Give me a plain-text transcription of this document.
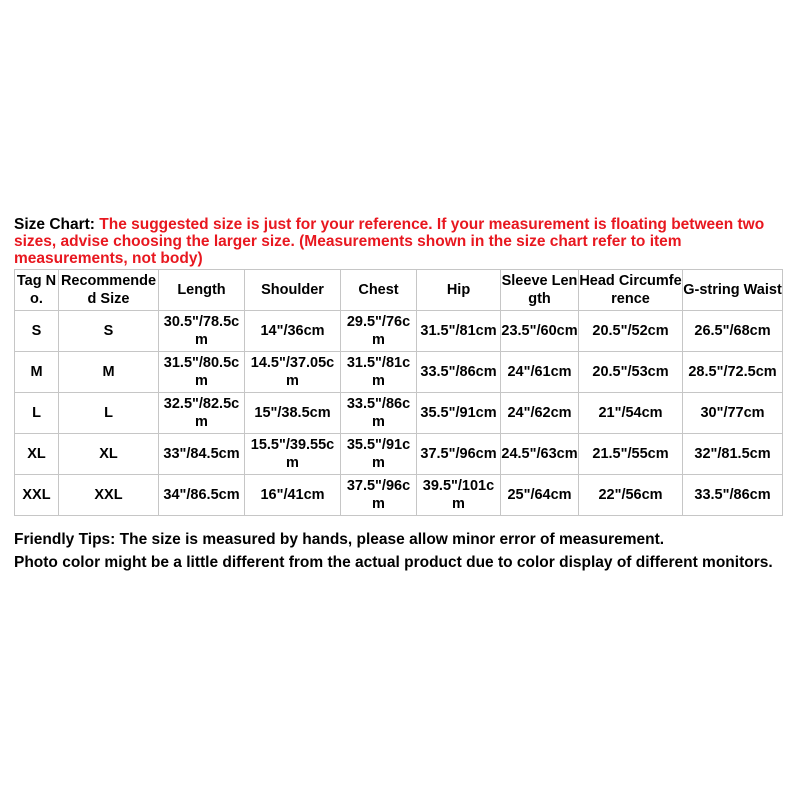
Size Chart: The suggested size is just for your reference. If your measurement is floating between two sizes, advise choosing the larger size. (Measurements shown in the size chart refer to item measurements, not body)
Tag No.	Recommended Size	Length	Shoulder	Chest	Hip	Sleeve Length	Head Circumference	G-string Waist
S	S	30.5"/78.5cm	14"/36cm	29.5"/76cm	31.5"/81cm	23.5"/60cm	20.5"/52cm	26.5"/68cm
M	M	31.5"/80.5cm	14.5"/37.05cm	31.5"/81cm	33.5"/86cm	24"/61cm	20.5"/53cm	28.5"/72.5cm
L	L	32.5"/82.5cm	15"/38.5cm	33.5"/86cm	35.5"/91cm	24"/62cm	21"/54cm	30"/77cm
XL	XL	33"/84.5cm	15.5"/39.55cm	35.5"/91cm	37.5"/96cm	24.5"/63cm	21.5"/55cm	32"/81.5cm
XXL	XXL	34"/86.5cm	16"/41cm	37.5"/96cm	39.5"/101cm	25"/64cm	22"/56cm	33.5"/86cm
Friendly Tips: The size is measured by hands, please allow minor error of measurement.
Photo color might be a little different from the actual product due to color display of different monitors.
